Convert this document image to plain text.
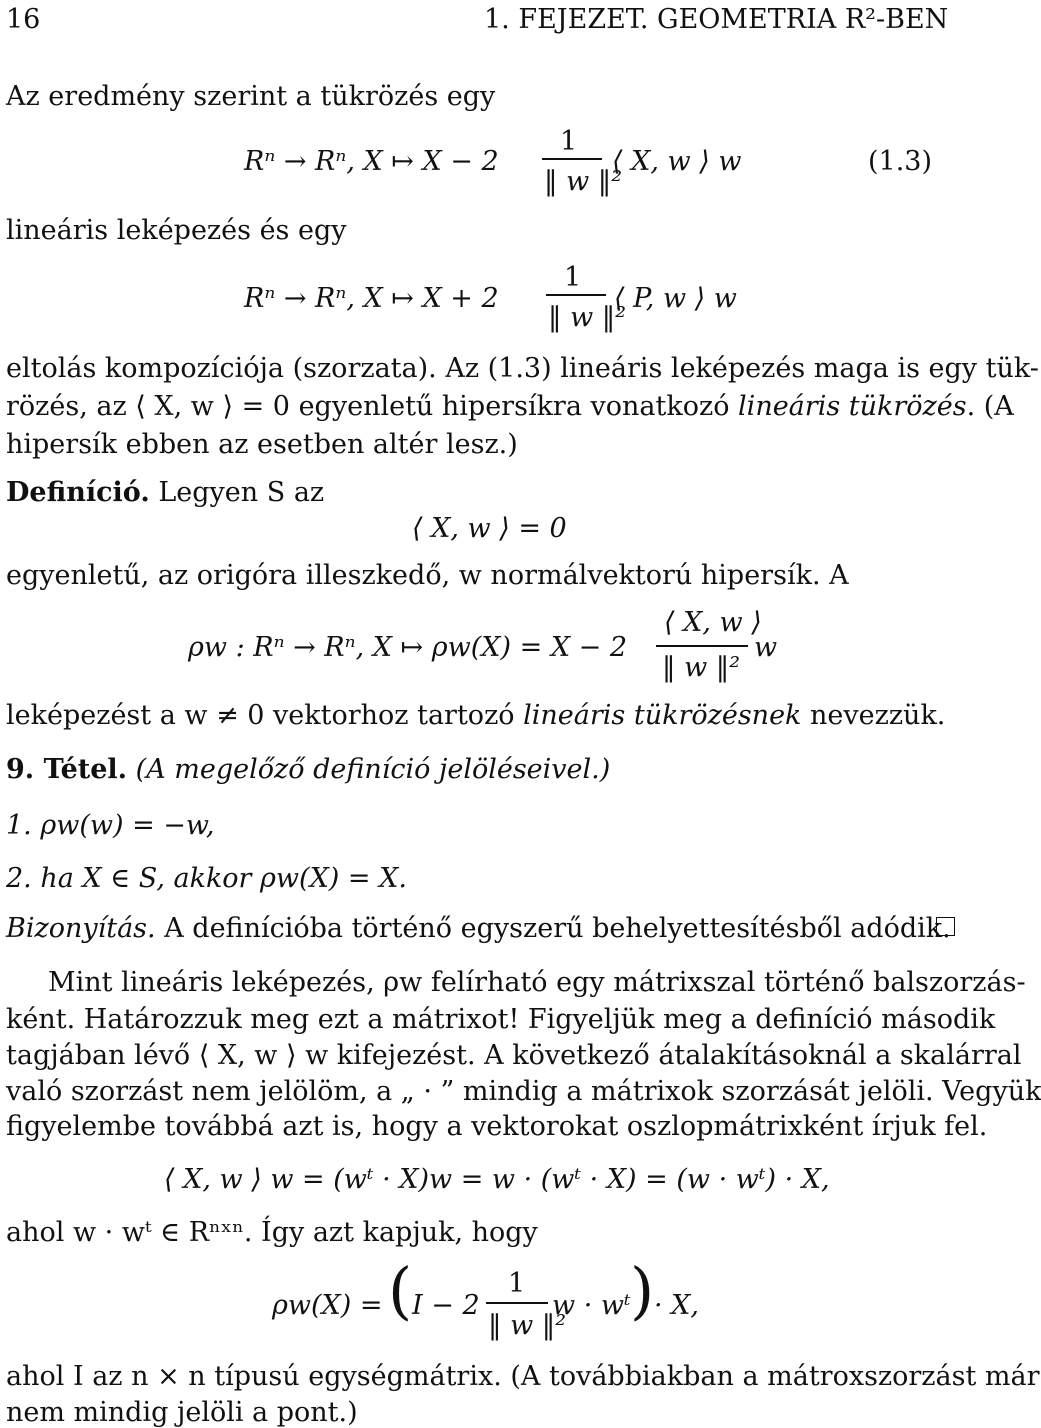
16	1. FEJEZET. GEOMETRIA R²-BEN
Az eredmény szerint a tükrözés egy
Rⁿ → Rⁿ, X ↦ X − 2
1
‖ w ‖²
⟨ X, w ⟩ w	(1.3)
lineáris leképezés és egy
Rⁿ → Rⁿ, X ↦ X + 2
1
‖ w ‖²
⟨ P, w ⟩ w
eltolás kompozíciója (szorzata). Az (1.3) lineáris leképezés maga is egy tük-
rözés, az ⟨ X, w ⟩ = 0 egyenletű hipersíkra vonatkozó lineáris tükrözés. (A
hipersík ebben az esetben altér lesz.)
Definíció. Legyen S az
⟨ X, w ⟩ = 0
egyenletű, az origóra illeszkedő, w normálvektorú hipersík. A
ρw : Rⁿ → Rⁿ, X ↦ ρw(X) = X − 2
⟨ X, w ⟩
‖ w ‖²
w
leképezést a w ≠ 0 vektorhoz tartozó lineáris tükrözésnek nevezzük.
9. Tétel. (A megelőző definíció jelöléseivel.)
1. ρw(w) = −w,
2. ha X ∈ S, akkor ρw(X) = X.
Bizonyítás. A definícióba történő egyszerű behelyettesítésből adódik.
Mint lineáris leképezés, ρw felírható egy mátrixszal történő balszorzás-
ként. Határozzuk meg ezt a mátrixot! Figyeljük meg a definíció második
tagjában lévő ⟨ X, w ⟩ w kifejezést. A következő átalakításoknál a skalárral
való szorzást nem jelölöm, a „ · ” mindig a mátrixok szorzását jelöli. Vegyük
figyelembe továbbá azt is, hogy a vektorokat oszlopmátrixként írjuk fel.
⟨ X, w ⟩ w = (wᵗ · X)w = w · (wᵗ · X) = (w · wᵗ) · X,
ahol w · wᵗ ∈ Rⁿˣⁿ. Így azt kapjuk, hogy
ρw(X) = ( I − 2
1
‖ w ‖²
w · wᵗ ) · X,
ahol I az n × n típusú egységmátrix. (A továbbiakban a mátroxszorzást már
nem mindig jelöli a pont.)
